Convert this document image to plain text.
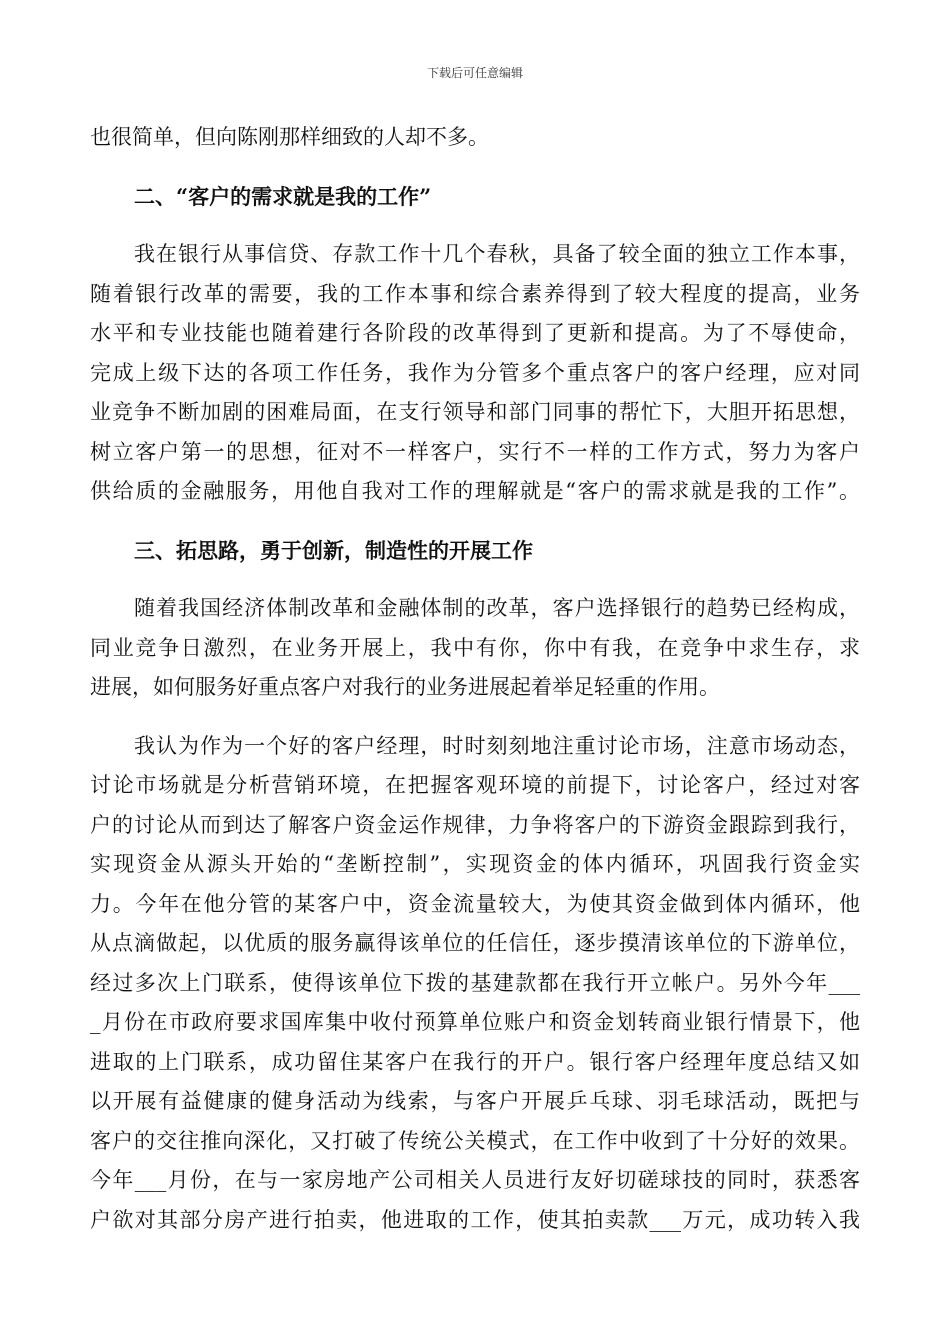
下载后可任意编辑
也很简单，但向陈刚那样细致的人却不多。
二、“客户的需求就是我的工作”
我在银行从事信贷、存款工作十几个春秋，具备了较全面的独立工作本事，
随着银行改革的需要，我的工作本事和综合素养得到了较大程度的提高，业务
水平和专业技能也随着建行各阶段的改革得到了更新和提高。为了不辱使命，
完成上级下达的各项工作任务，我作为分管多个重点客户的客户经理，应对同
业竞争不断加剧的困难局面，在支行领导和部门同事的帮忙下，大胆开拓思想，
树立客户第一的思想，征对不一样客户，实行不一样的工作方式，努力为客户
供给质的金融服务，用他自我对工作的理解就是“客户的需求就是我的工作”。
三、拓思路，勇于创新，制造性的开展工作
随着我国经济体制改革和金融体制的改革，客户选择银行的趋势已经构成，
同业竞争日激烈，在业务开展上，我中有你，你中有我，在竞争中求生存，求
进展，如何服务好重点客户对我行的业务进展起着举足轻重的作用。
我认为作为一个好的客户经理，时时刻刻地注重讨论市场，注意市场动态，
讨论市场就是分析营销环境，在把握客观环境的前提下，讨论客户，经过对客
户的讨论从而到达了解客户资金运作规律，力争将客户的下游资金跟踪到我行，
实现资金从源头开始的“垄断控制”，实现资金的体内循环，巩固我行资金实
力。今年在他分管的某客户中，资金流量较大，为使其资金做到体内循环，他
从点滴做起，以优质的服务赢得该单位的任信任，逐步摸清该单位的下游单位，
经过多次上门联系，使得该单位下拨的基建款都在我行开立帐户。另外今年___
_月份在市政府要求国库集中收付预算单位账户和资金划转商业银行情景下，他
进取的上门联系，成功留住某客户在我行的开户。银行客户经理年度总结又如
以开展有益健康的健身活动为线索，与客户开展乒乓球、羽毛球活动，既把与
客户的交往推向深化，又打破了传统公关模式，在工作中收到了十分好的效果。
今年___月份，在与一家房地产公司相关人员进行友好切磋球技的同时，获悉客
户欲对其部分房产进行拍卖，他进取的工作，使其拍卖款___万元，成功转入我
